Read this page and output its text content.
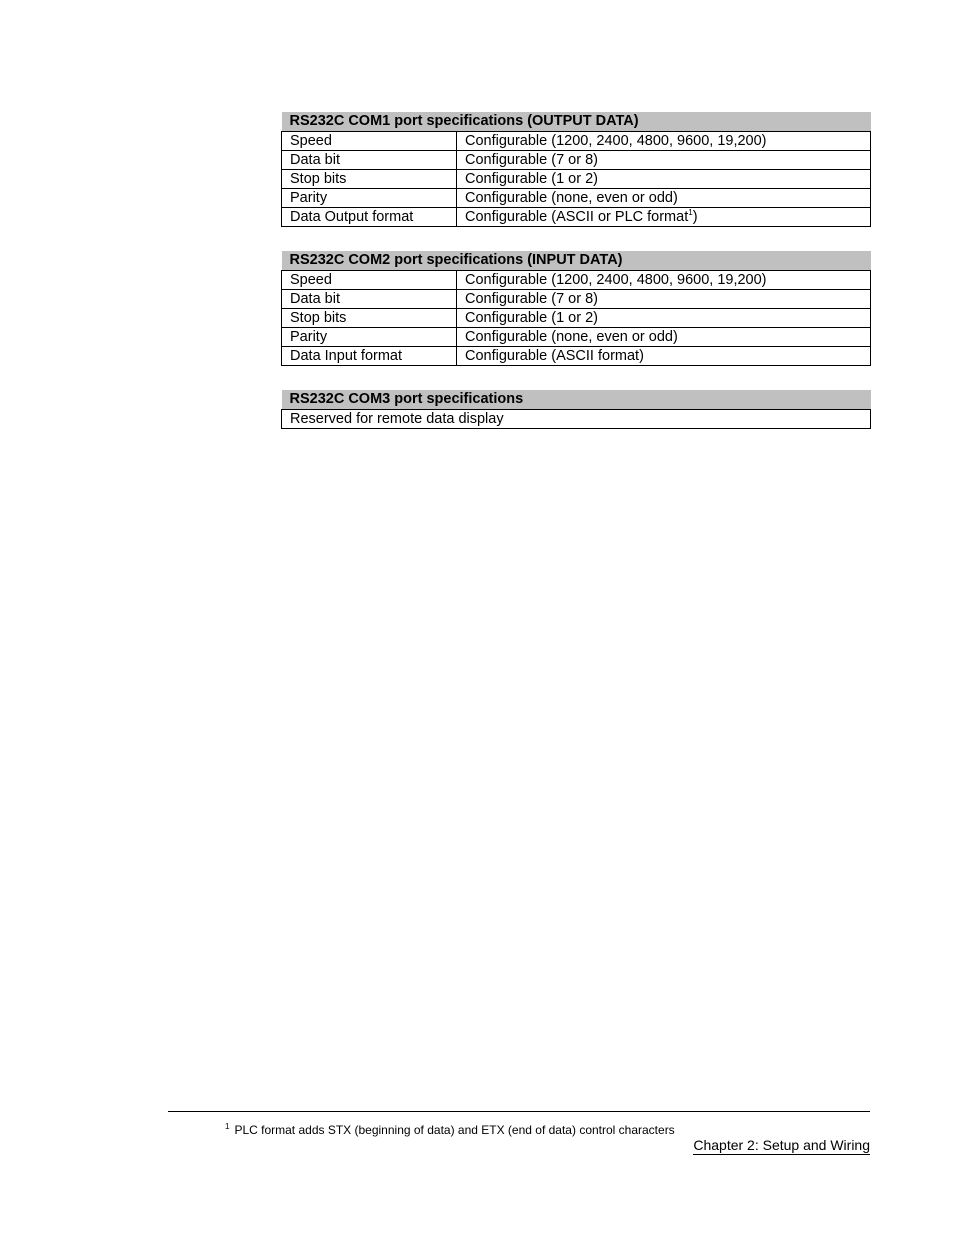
RS232C COM1 port specifications (OUTPUT DATA)	
Speed	Configurable (1200, 2400, 4800, 9600, 19,200)
Data bit	Configurable (7 or 8)
Stop bits	Configurable (1 or 2)
Parity	Configurable (none, even or odd)
Data Output format	Configurable (ASCII or PLC format$^1$)
RS232C COM2 port specifications (INPUT DATA)	
Speed	Configurable (1200, 2400, 4800, 9600, 19,200)
Data bit	Configurable (7 or 8)
Stop bits	Configurable (1 or 2)
Parity	Configurable (none, even or odd)
Data Input format	Configurable (ASCII format)
RS232C COM3 port specifications
Reserved for remote data display
$^1$ PLC format adds STX (beginning of data) and ETX (end of data) control characters
Chapter 2: Setup and Wiring
